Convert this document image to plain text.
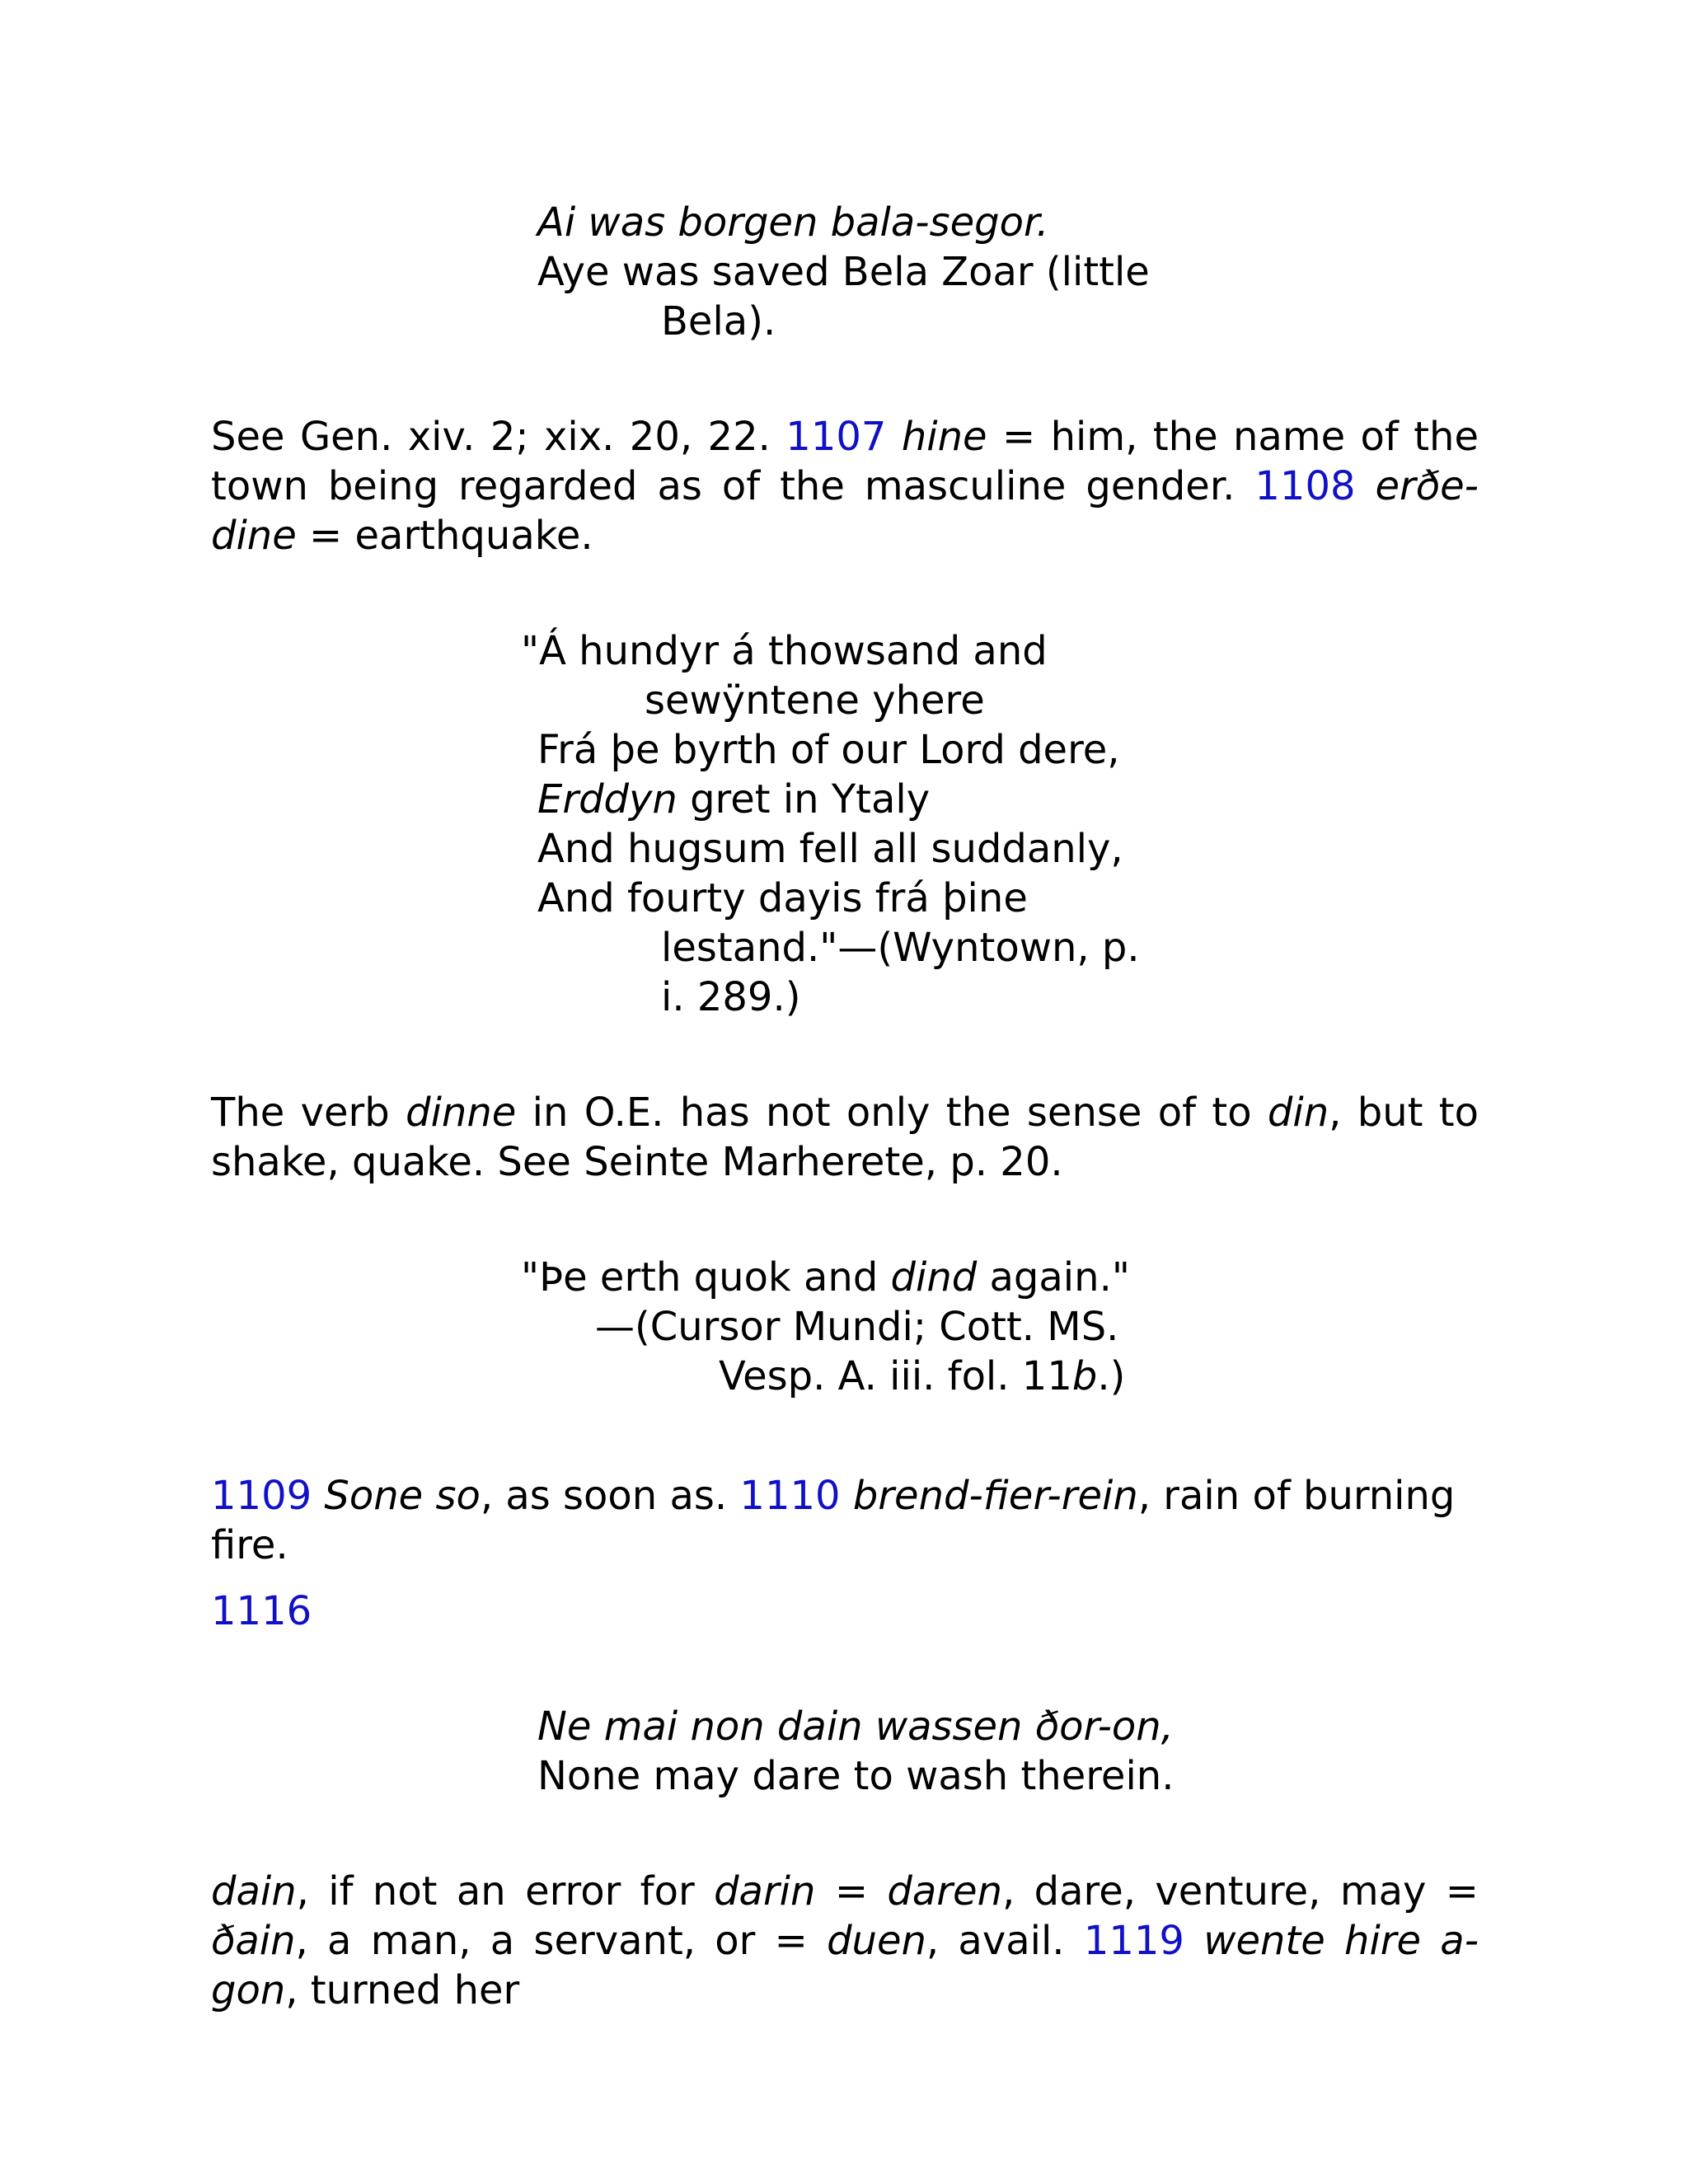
Ai was borgen bala-segor.
Aye was saved Bela Zoar (little
Bela).

See Gen. xiv. 2; xix. 20, 22. 1107 hine = him, the name of the town being regarded as of the masculine gender. 1108 erðe-dine = earthquake.

"Á hundyr á thowsand and
sewÿntene yhere
Frá þe byrth of our Lord dere,
Erddyn gret in Ytaly
And hugsum fell all suddanly,
And fourty dayis frá þine
lestand."—(Wyntown, p.
i. 289.)

The verb dinne in O.E. has not only the sense of to din, but to shake, quake. See Seinte Marherete, p. 20.

"Þe erth quok and dind again."
—(Cursor Mundi; Cott. MS.
Vesp. A. iii. fol. 11b.)

1109 Sone so, as soon as. 1110 brend-fier-rein, rain of burning fire.

1116

Ne mai non dain wassen ðor-on,
None may dare to wash therein.

dain, if not an error for darin = daren, dare, venture, may = ðain, a man, a servant, or = duen, avail. 1119 wente hire a-gon, turned her
